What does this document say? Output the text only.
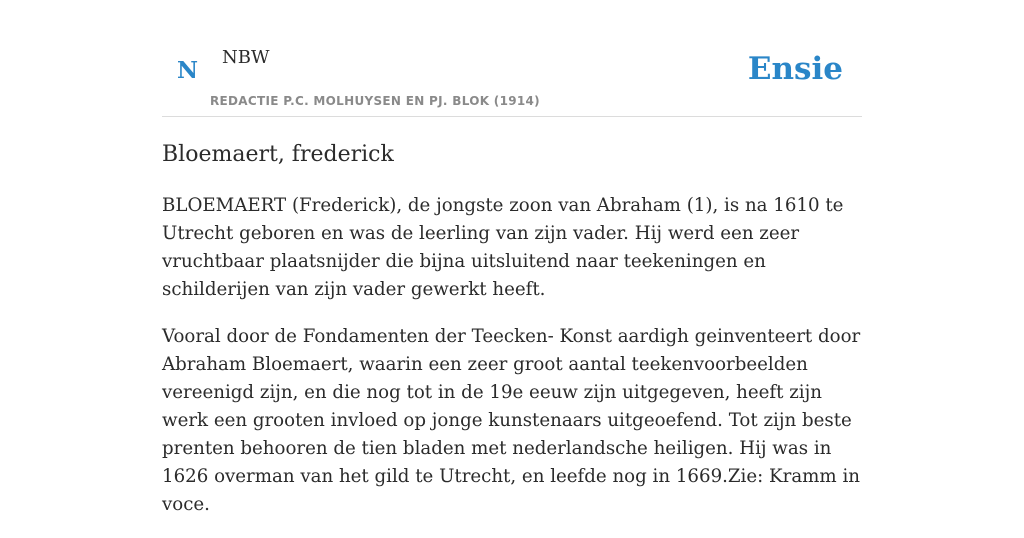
N NBW
REDACTIE P.C. MOLHUYSEN EN PJ. BLOK (1914)
Ensie
Bloemaert, frederick

BLOEMAERT (Frederick), de jongste zoon van Abraham (1), is na 1610 te Utrecht geboren en was de leerling van zijn vader. Hij werd een zeer vruchtbaar plaatsnijder die bijna uitsluitend naar teekeningen en schilderijen van zijn vader gewerkt heeft.

Vooral door de Fondamenten der Teecken- Konst aardigh geinventeert door Abraham Bloemaert, waarin een zeer groot aantal teekenvoorbeelden vereenigd zijn, en die nog tot in de 19e eeuw zijn uitgegeven, heeft zijn werk een grooten invloed op jonge kunstenaars uitgeoefend. Tot zijn beste prenten behooren de tien bladen met nederlandsche heiligen. Hij was in 1626 overman van het gild te Utrecht, en leefde nog in 1669.Zie: Kramm in voce.
